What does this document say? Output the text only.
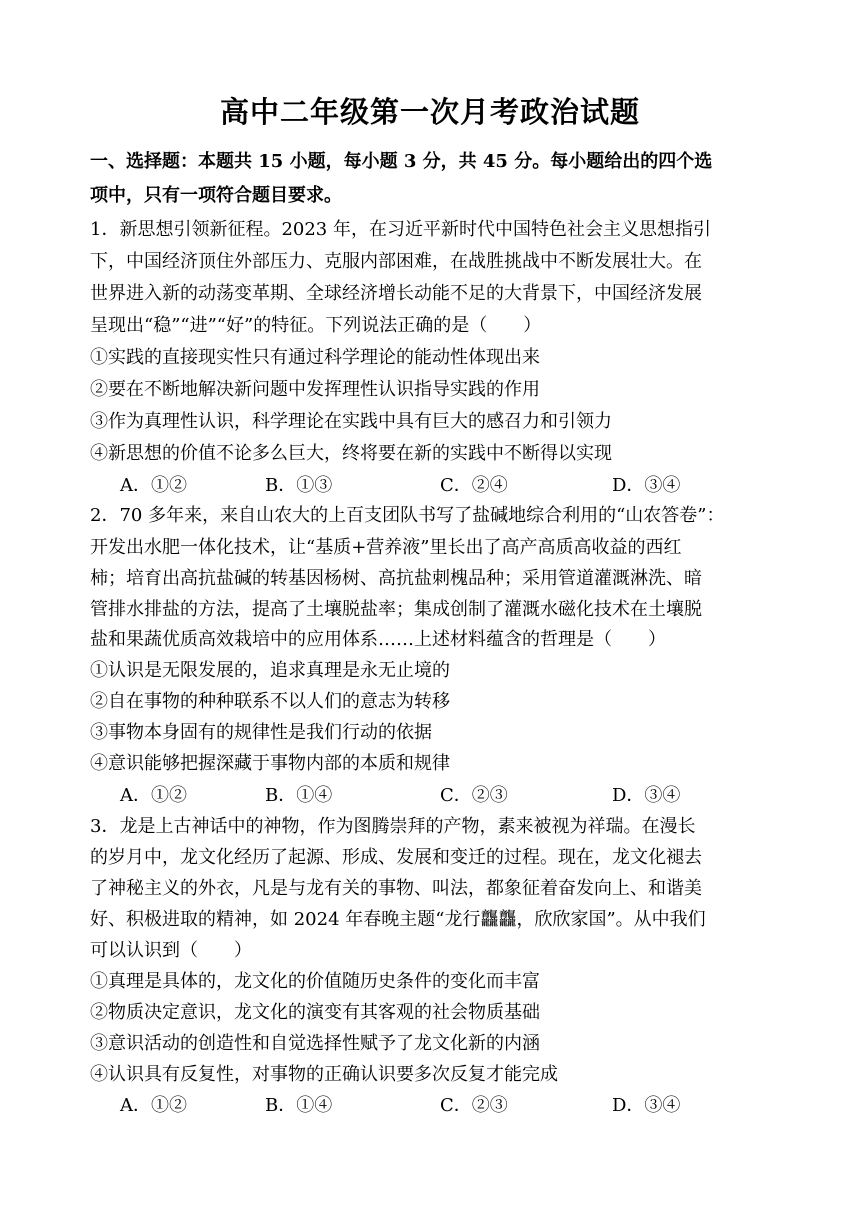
高中二年级第一次月考政治试题
一、选择题：本题共 15 小题，每小题 3 分，共 45 分。每小题给出的四个选
项中，只有一项符合题目要求。
1．新思想引领新征程。2023 年，在习近平新时代中国特色社会主义思想指引
下，中国经济顶住外部压力、克服内部困难，在战胜挑战中不断发展壮大。在
世界进入新的动荡变革期、全球经济增长动能不足的大背景下，中国经济发展
呈现出“稳”“进”“好”的特征。下列说法正确的是（　　）
①实践的直接现实性只有通过科学理论的能动性体现出来
②要在不断地解决新问题中发挥理性认识指导实践的作用
③作为真理性认识，科学理论在实践中具有巨大的感召力和引领力
④新思想的价值不论多么巨大，终将要在新的实践中不断得以实现
A．①②	B．①③	C．②④	D．③④
2．70 多年来，来自山农大的上百支团队书写了盐碱地综合利用的“山农答卷”：
开发出水肥一体化技术，让“基质+营养液”里长出了高产高质高收益的西红
柿；培育出高抗盐碱的转基因杨树、高抗盐刺槐品种；采用管道灌溉淋洗、暗
管排水排盐的方法，提高了土壤脱盐率；集成创制了灌溉水磁化技术在土壤脱
盐和果蔬优质高效栽培中的应用体系……上述材料蕴含的哲理是（　　）
①认识是无限发展的，追求真理是永无止境的
②自在事物的种种联系不以人们的意志为转移
③事物本身固有的规律性是我们行动的依据
④意识能够把握深藏于事物内部的本质和规律
A．①②	B．①④	C．②③	D．③④
3．龙是上古神话中的神物，作为图腾崇拜的产物，素来被视为祥瑞。在漫长
的岁月中，龙文化经历了起源、形成、发展和变迁的过程。现在，龙文化褪去
了神秘主义的外衣，凡是与龙有关的事物、叫法，都象征着奋发向上、和谐美
好、积极进取的精神，如 2024 年春晚主题“龙行龘龘，欣欣家国”。从中我们
可以认识到（　　）
①真理是具体的，龙文化的价值随历史条件的变化而丰富
②物质决定意识，龙文化的演变有其客观的社会物质基础
③意识活动的创造性和自觉选择性赋予了龙文化新的内涵
④认识具有反复性，对事物的正确认识要多次反复才能完成
A．①②	B．①④	C．②③	D．③④
